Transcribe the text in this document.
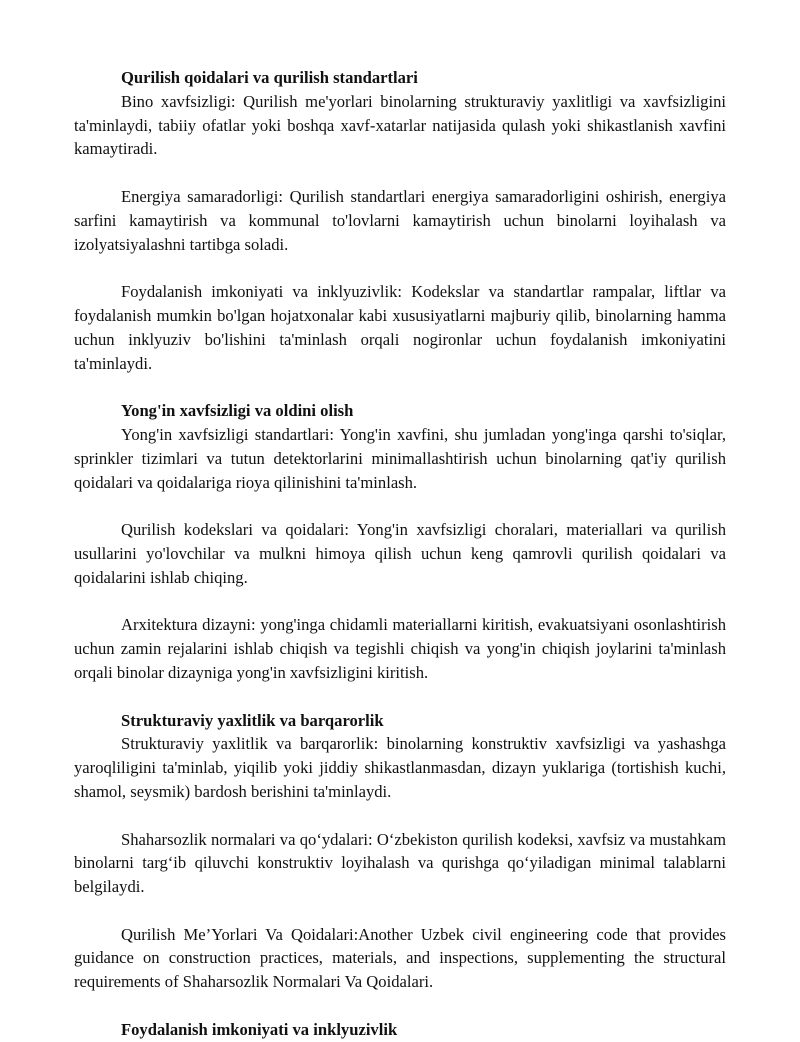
Qurilish qoidalari va qurilish standartlari

Bino xavfsizligi: Qurilish me'yorlari binolarning strukturaviy yaxlitligi va xavfsizligini ta'minlaydi, tabiiy ofatlar yoki boshqa xavf-xatarlar natijasida qulash yoki shikastlanish xavfini kamaytiradi.

Energiya samaradorligi: Qurilish standartlari energiya samaradorligini oshirish, energiya sarfini kamaytirish va kommunal to'lovlarni kamaytirish uchun binolarni loyihalash va izolyatsiyalashni tartibga soladi.

Foydalanish imkoniyati va inklyuzivlik: Kodekslar va standartlar rampalar, liftlar va foydalanish mumkin bo'lgan hojatxonalar kabi xususiyatlarni majburiy qilib, binolarning hamma uchun inklyuziv bo'lishini ta'minlash orqali nogironlar uchun foydalanish imkoniyatini ta'minlaydi.

Yong'in xavfsizligi va oldini olish

Yong'in xavfsizligi standartlari: Yong'in xavfini, shu jumladan yong'inga qarshi to'siqlar, sprinkler tizimlari va tutun detektorlarini minimallashtirish uchun binolarning qat'iy qurilish qoidalari va qoidalariga rioya qilinishini ta'minlash.

Qurilish kodekslari va qoidalari: Yong'in xavfsizligi choralari, materiallari va qurilish usullarini yo'lovchilar va mulkni himoya qilish uchun keng qamrovli qurilish qoidalari va qoidalarini ishlab chiqing.

Arxitektura dizayni: yong'inga chidamli materiallarni kiritish, evakuatsiyani osonlashtirish uchun zamin rejalarini ishlab chiqish va tegishli chiqish va yong'in chiqish joylarini ta'minlash orqali binolar dizayniga yong'in xavfsizligini kiritish.

Strukturaviy yaxlitlik va barqarorlik

Strukturaviy yaxlitlik va barqarorlik: binolarning konstruktiv xavfsizligi va yashashga yaroqliligini ta'minlab, yiqilib yoki jiddiy shikastlanmasdan, dizayn yuklariga (tortishish kuchi, shamol, seysmik) bardosh berishini ta'minlaydi.

Shaharsozlik normalari va qo‘ydalari: O‘zbekiston qurilish kodeksi, xavfsiz va mustahkam binolarni targ‘ib qiluvchi konstruktiv loyihalash va qurishga qo‘yiladigan minimal talablarni belgilaydi.

Qurilish Me’Yorlari Va Qoidalari:Another Uzbek civil engineering code that provides guidance on construction practices, materials, and inspections, supplementing the structural requirements of Shaharsozlik Normalari Va Qoidalari.

Foydalanish imkoniyati va inklyuzivlik
